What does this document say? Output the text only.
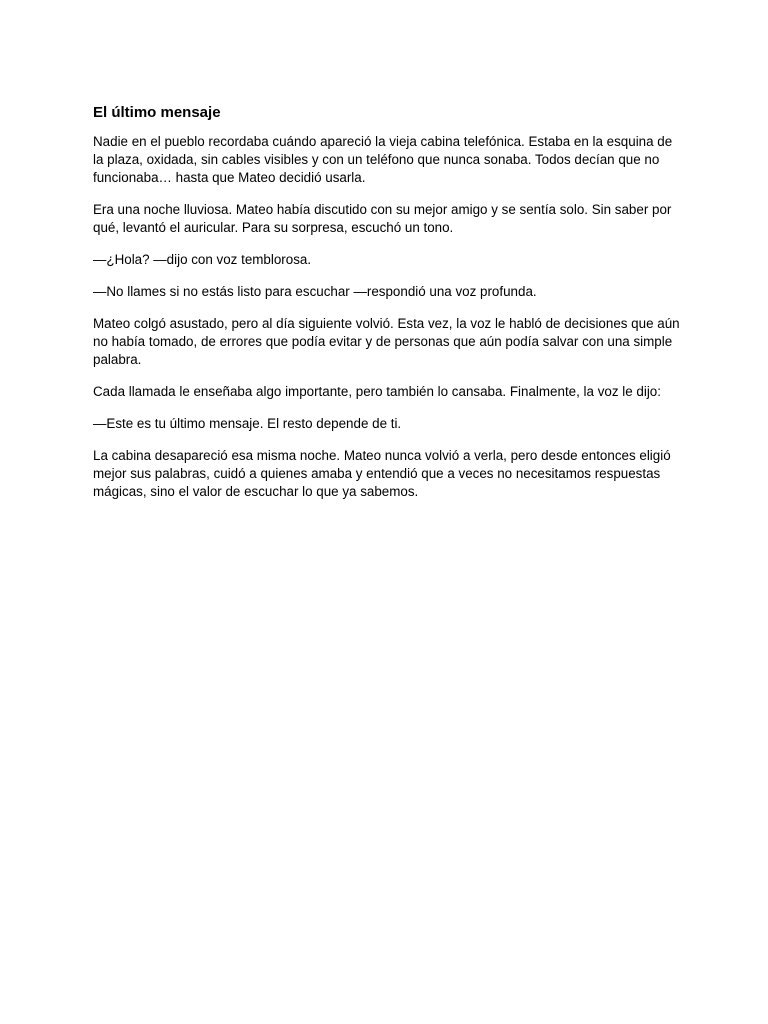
El último mensaje

Nadie en el pueblo recordaba cuándo apareció la vieja cabina telefónica. Estaba en la esquina de la plaza, oxidada, sin cables visibles y con un teléfono que nunca sonaba. Todos decían que no funcionaba… hasta que Mateo decidió usarla.

Era una noche lluviosa. Mateo había discutido con su mejor amigo y se sentía solo. Sin saber por qué, levantó el auricular. Para su sorpresa, escuchó un tono.

—¿Hola? —dijo con voz temblorosa.

—No llames si no estás listo para escuchar —respondió una voz profunda.

Mateo colgó asustado, pero al día siguiente volvió. Esta vez, la voz le habló de decisiones que aún no había tomado, de errores que podía evitar y de personas que aún podía salvar con una simple palabra.

Cada llamada le enseñaba algo importante, pero también lo cansaba. Finalmente, la voz le dijo:

—Este es tu último mensaje. El resto depende de ti.

La cabina desapareció esa misma noche. Mateo nunca volvió a verla, pero desde entonces eligió mejor sus palabras, cuidó a quienes amaba y entendió que a veces no necesitamos respuestas mágicas, sino el valor de escuchar lo que ya sabemos.
